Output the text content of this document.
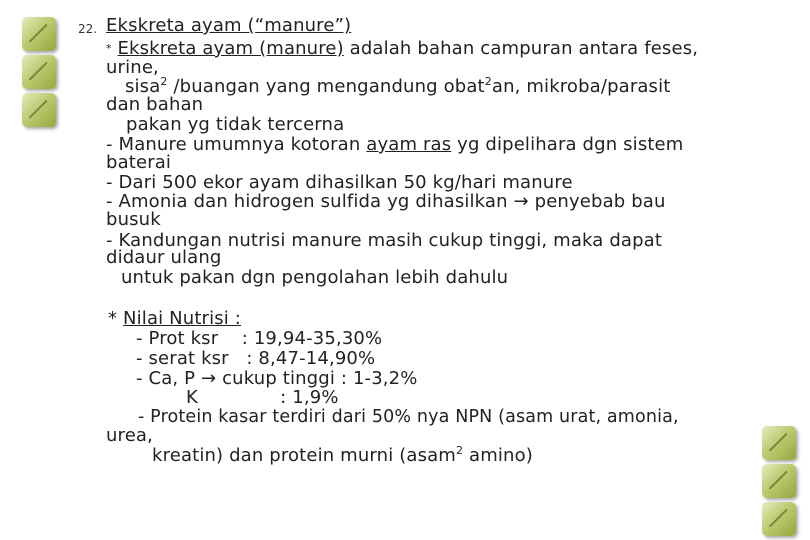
22. Ekskreta ayam (“manure”)
* Ekskreta ayam (manure) adalah bahan campuran antara feses,
urine,
sisa$^2$ /buangan yang mengandung obat$^2$an, mikroba/parasit
dan bahan
pakan yg tidak tercerna
- Manure umumnya kotoran ayam ras yg dipelihara dgn sistem
baterai
- Dari 500 ekor ayam dihasilkan 50 kg/hari manure
- Amonia dan hidrogen sulfida yg dihasilkan → penyebab bau
busuk
- Kandungan nutrisi manure masih cukup tinggi, maka dapat
didaur ulang
untuk pakan dgn pengolahan lebih dahulu
* Nilai Nutrisi :
- Prot ksr    : 19,94-35,30%
- serat ksr   : 8,47-14,90%
- Ca, P → cukup tinggi : 1-3,2%
K              : 1,9%
- Protein kasar terdiri dari 50% nya NPN (asam urat, amonia,
urea,
kreatin) dan protein murni (asam$^2$ amino)
